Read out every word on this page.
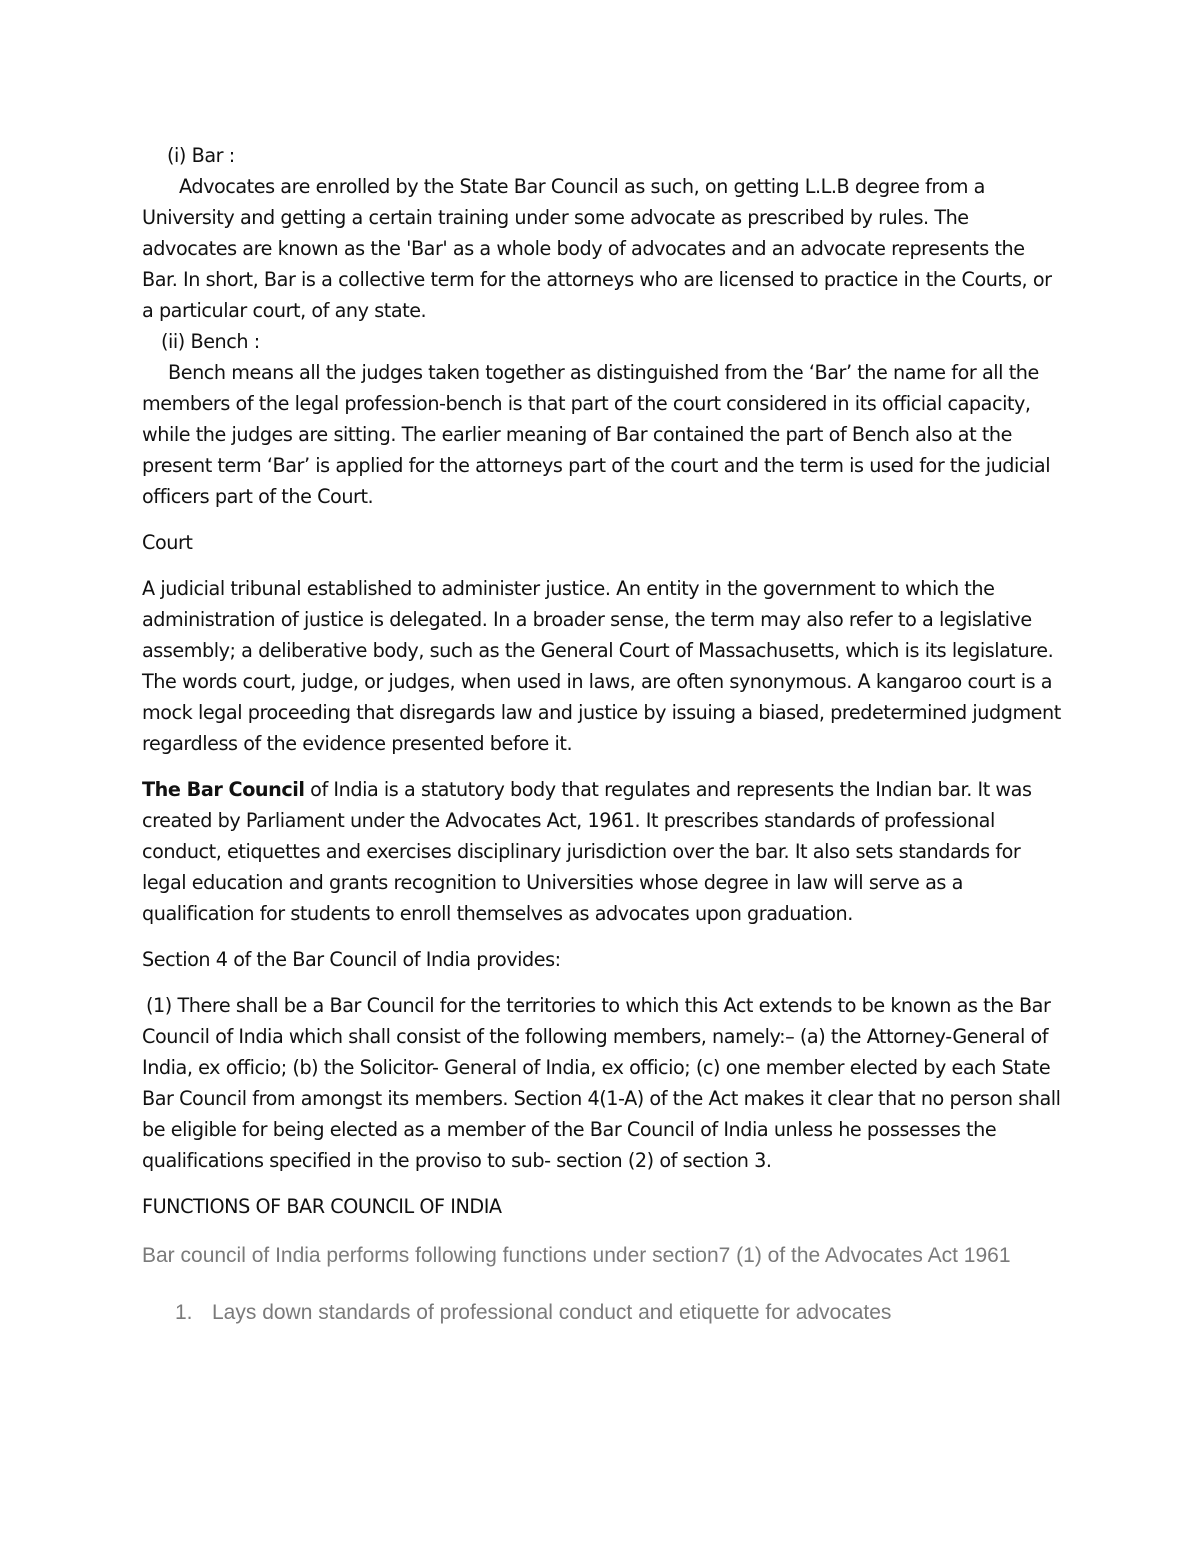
(i) Bar :

Advocates are enrolled by the State Bar Council as such, on getting L.L.B degree from a University and getting a certain training under some advocate as prescribed by rules. The advocates are known as the 'Bar' as a whole body of advocates and an advocate represents the Bar. In short, Bar is a collective term for the attorneys who are licensed to practice in the Courts, or a particular court, of any state.

(ii) Bench :

Bench means all the judges taken together as distinguished from the ‘Bar’ the name for all the members of the legal profession-bench is that part of the court considered in its official capacity, while the judges are sitting. The earlier meaning of Bar contained the part of Bench also at the present term ‘Bar’ is applied for the attorneys part of the court and the term is used for the judicial officers part of the Court.

Court

A judicial tribunal established to administer justice. An entity in the government to which the administration of justice is delegated. In a broader sense, the term may also refer to a legislative assembly; a deliberative body, such as the General Court of Massachusetts, which is its legislature. The words court, judge, or judges, when used in laws, are often synonymous. A kangaroo court is a mock legal proceeding that disregards law and justice by issuing a biased, predetermined judgment regardless of the evidence presented before it.

The Bar Council of India is a statutory body that regulates and represents the Indian bar. It was created by Parliament under the Advocates Act, 1961. It prescribes standards of professional conduct, etiquettes and exercises disciplinary jurisdiction over the bar. It also sets standards for legal education and grants recognition to Universities whose degree in law will serve as a qualification for students to enroll themselves as advocates upon graduation.

Section 4 of the Bar Council of India provides:

(1) There shall be a Bar Council for the territories to which this Act extends to be known as the Bar Council of India which shall consist of the following members, namely:– (a) the Attorney-General of India, ex officio; (b) the Solicitor- General of India, ex officio; (c) one member elected by each State Bar Council from amongst its members. Section 4(1-A) of the Act makes it clear that no person shall be eligible for being elected as a member of the Bar Council of India unless he possesses the qualifications specified in the proviso to sub- section (2) of section 3.

FUNCTIONS OF BAR COUNCIL OF INDIA

Bar council of India performs following functions under section7 (1) of the Advocates Act 1961

1. Lays down standards of professional conduct and etiquette for advocates
